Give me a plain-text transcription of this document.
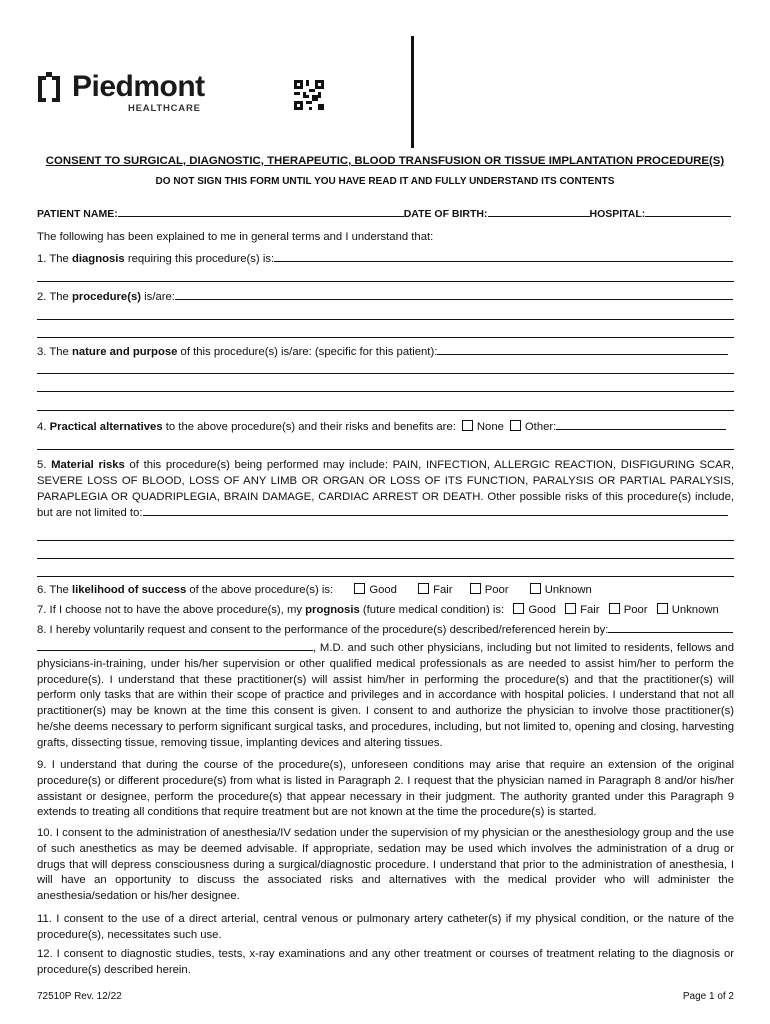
Piedmont
HEALTHCARE
CONSENT TO SURGICAL, DIAGNOSTIC, THERAPEUTIC, BLOOD TRANSFUSION OR TISSUE IMPLANTATION PROCEDURE(S)
DO NOT SIGN THIS FORM UNTIL YOU HAVE READ IT AND FULLY UNDERSTAND ITS CONTENTS
PATIENT NAME:	DATE OF BIRTH:	HOSPITAL:
The following has been explained to me in general terms and I understand that:
1. The diagnosis requiring this procedure(s) is:
2. The procedure(s) is/are:
3. The nature and purpose of this procedure(s) is/are: (specific for this patient):
4. Practical alternatives to the above procedure(s) and their risks and benefits are: None Other:
5. Material risks of this procedure(s) being performed may include: PAIN, INFECTION, ALLERGIC REACTION, DISFIGURING SCAR, SEVERE LOSS OF BLOOD, LOSS OF ANY LIMB OR ORGAN OR LOSS OF ITS FUNCTION, PARALYSIS OR PARTIAL PARALYSIS, PARAPLEGIA OR QUADRIPLEGIA, BRAIN DAMAGE, CARDIAC ARREST OR DEATH. Other possible risks of this procedure(s) include, but are not limited to:
6. The likelihood of success of the above procedure(s) is:	Good	Fair	Poor	Unknown
7. If I choose not to have the above procedure(s), my prognosis (future medical condition) is: Good Fair Poor Unknown
8. I hereby voluntarily request and consent to the performance of the procedure(s) described/referenced herein by:
, M.D. and such other physicians, including but not limited to residents, fellows and physicians-in-training, under his/her supervision or other qualified medical professionals as are needed to assist him/her to perform the procedure(s). I understand that these practitioner(s) will assist him/her in performing the procedure(s) and that the practitioner(s) will perform only tasks that are within their scope of practice and privileges and in accordance with hospital policies. I understand that not all practitioner(s) may be known at the time this consent is given. I consent to and authorize the physician to involve those practitioner(s) he/she deems necessary to perform significant surgical tasks, and procedures, including, but not limited to, opening and closing, harvesting grafts, dissecting tissue, removing tissue, implanting devices and altering tissues.
9. I understand that during the course of the procedure(s), unforeseen conditions may arise that require an extension of the original procedure(s) or different procedure(s) from what is listed in Paragraph 2. I request that the physician named in Paragraph 8 and/or his/her assistant or designee, perform the procedure(s) that appear necessary in their judgment. The authority granted under this Paragraph 9 extends to treating all conditions that require treatment but are not known at the time the procedure(s) is started.
10. I consent to the administration of anesthesia/IV sedation under the supervision of my physician or the anesthesiology group and the use of such anesthetics as may be deemed advisable. If appropriate, sedation may be used which involves the administration of a drug or drugs that will depress consciousness during a surgical/diagnostic procedure. I understand that prior to the administration of anesthesia, I will have an opportunity to discuss the associated risks and alternatives with the medical provider who will administer the anesthesia/sedation or his/her designee.
11. I consent to the use of a direct arterial, central venous or pulmonary artery catheter(s) if my physical condition, or the nature of the procedure(s), necessitates such use.
12. I consent to diagnostic studies, tests, x-ray examinations and any other treatment or courses of treatment relating to the diagnosis or procedure(s) described herein.
72510P Rev. 12/22	Page 1 of 2
